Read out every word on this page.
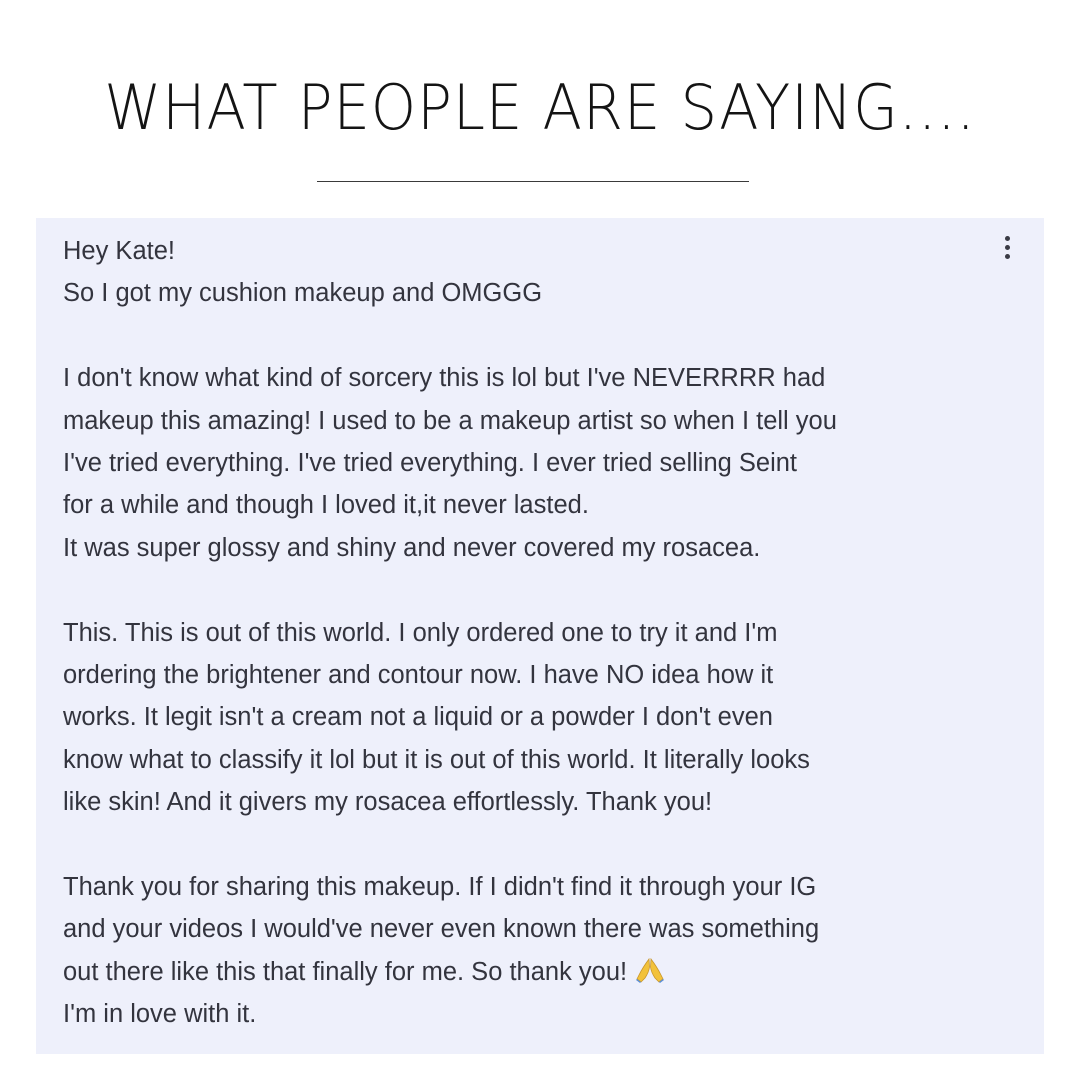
WHAT PEOPLE ARE SAYING....
Hey Kate!
So I got my cushion makeup and OMGGG
I don't know what kind of sorcery this is lol but I've NEVERRRR had
makeup this amazing! I used to be a makeup artist so when I tell you
I've tried everything. I've tried everything. I ever tried selling Seint
for a while and though I loved it,it never lasted.
It was super glossy and shiny and never covered my rosacea.
This. This is out of this world. I only ordered one to try it and I'm
ordering the brightener and contour now. I have NO idea how it
works. It legit isn't a cream not a liquid or a powder I don't even
know what to classify it lol but it is out of this world. It literally looks
like skin! And it givers my rosacea effortlessly. Thank you!
Thank you for sharing this makeup. If I didn't find it through your IG
and your videos I would've never even known there was something
out there like this that finally for me. So thank you!
I'm in love with it.
